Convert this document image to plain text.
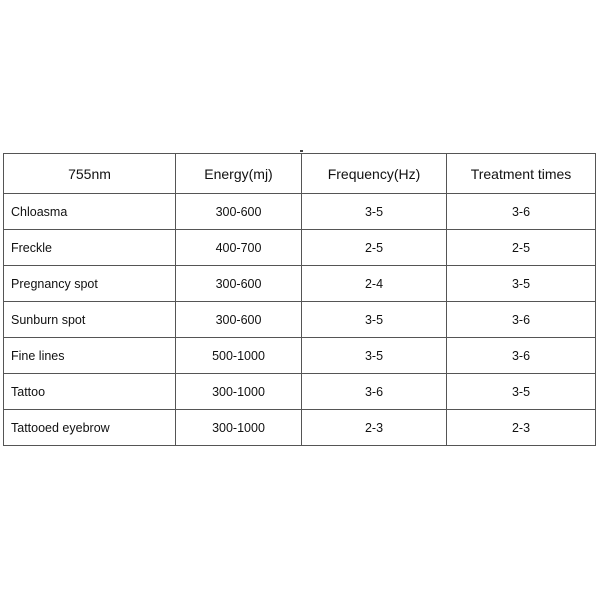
755nm	Energy(mj)	Frequency(Hz)	Treatment times
Chloasma	300-600	3-5	3-6
Freckle	400-700	2-5	2-5
Pregnancy spot	300-600	2-4	3-5
Sunburn spot	300-600	3-5	3-6
Fine lines	500-1000	3-5	3-6
Tattoo	300-1000	3-6	3-5
Tattooed eyebrow	300-1000	2-3	2-3
